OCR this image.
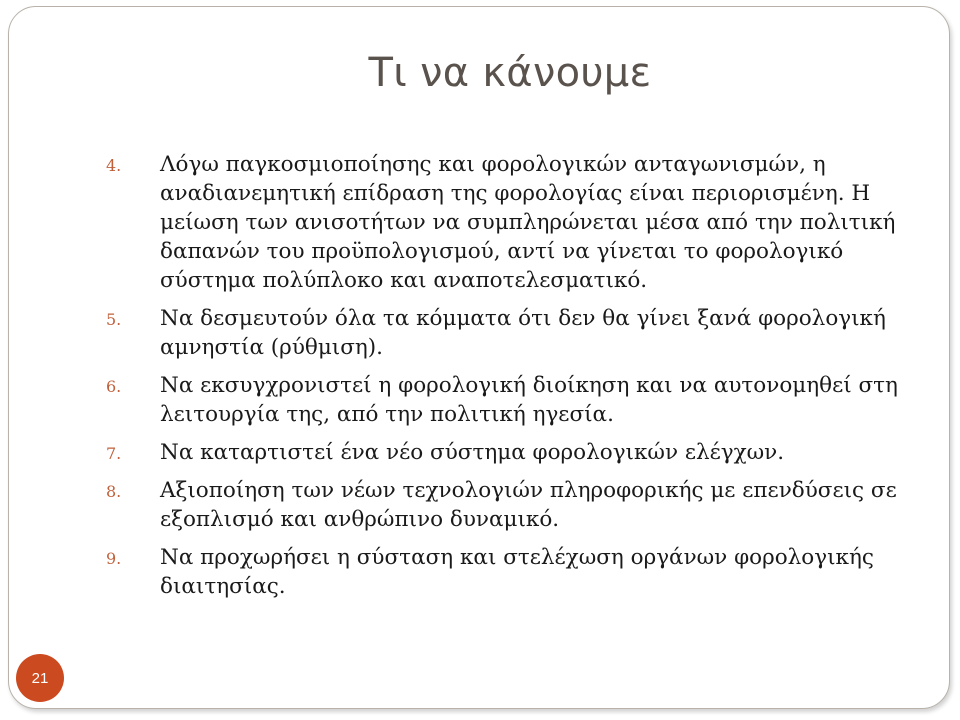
Τι να κάνουμε
4. Λόγω παγκοσμιοποίησης και φορολογικών ανταγωνισμών, η αναδιανεμητική επίδραση της φορολογίας είναι περιορισμένη. Η μείωση των ανισοτήτων να συμπληρώνεται μέσα από την πολιτική δαπανών του προϋπολογισμού, αντί να γίνεται το φορολογικό σύστημα πολύπλοκο και αναποτελεσματικό.
5. Να δεσμευτούν όλα τα κόμματα ότι δεν θα γίνει ξανά φορολογική αμνηστία (ρύθμιση).
6. Να εκσυγχρονιστεί η φορολογική διοίκηση και να αυτονομηθεί στη λειτουργία της, από την πολιτική ηγεσία.
7. Να καταρτιστεί ένα νέο σύστημα φορολογικών ελέγχων.
8. Αξιοποίηση των νέων τεχνολογιών πληροφορικής με επενδύσεις σε εξοπλισμό και ανθρώπινο δυναμικό.
9. Να προχωρήσει η σύσταση και στελέχωση οργάνων φορολογικής διαιτησίας.
21
